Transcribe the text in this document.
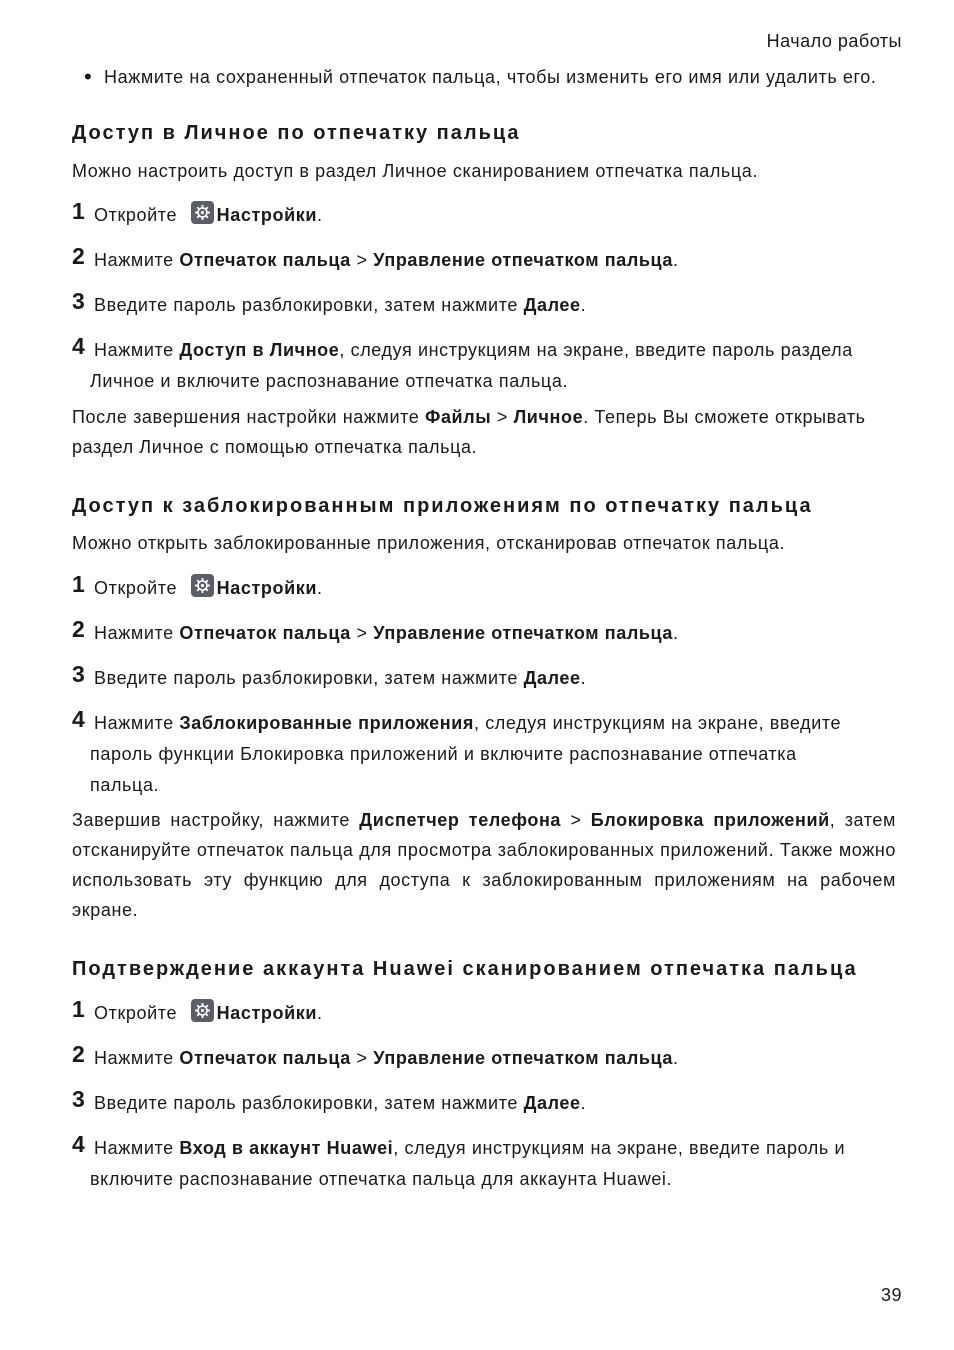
Начало работы
• Нажмите на сохраненный отпечаток пальца, чтобы изменить его имя или удалить его.
Доступ в Личное по отпечатку пальца

Можно настроить доступ в раздел Личное сканированием отпечатка пальца.

1 Откройте Настройки.
2 Нажмите Отпечаток пальца > Управление отпечатком пальца.
3 Введите пароль разблокировки, затем нажмите Далее.
4 Нажмите Доступ в Личное, следуя инструкциям на экране, введите пароль раздела
Личное и включите распознавание отпечатка пальца.

После завершения настройки нажмите Файлы > Личное. Теперь Вы сможете открывать раздел Личное с помощью отпечатка пальца.

Доступ к заблокированным приложениям по отпечатку пальца

Можно открыть заблокированные приложения, отсканировав отпечаток пальца.

1 Откройте Настройки.
2 Нажмите Отпечаток пальца > Управление отпечатком пальца.
3 Введите пароль разблокировки, затем нажмите Далее.
4 Нажмите Заблокированные приложения, следуя инструкциям на экране, введите
пароль функции Блокировка приложений и включите распознавание отпечатка
пальца.

Завершив настройку, нажмите Диспетчер телефона > Блокировка приложений, затем отсканируйте отпечаток пальца для просмотра заблокированных приложений. Также можно использовать эту функцию для доступа к заблокированным приложениям на рабочем экране.

Подтверждение аккаунта Huawei сканированием отпечатка пальца
1 Откройте Настройки.
2 Нажмите Отпечаток пальца > Управление отпечатком пальца.
3 Введите пароль разблокировки, затем нажмите Далее.
4 Нажмите Вход в аккаунт Huawei, следуя инструкциям на экране, введите пароль и
включите распознавание отпечатка пальца для аккаунта Huawei.
39
